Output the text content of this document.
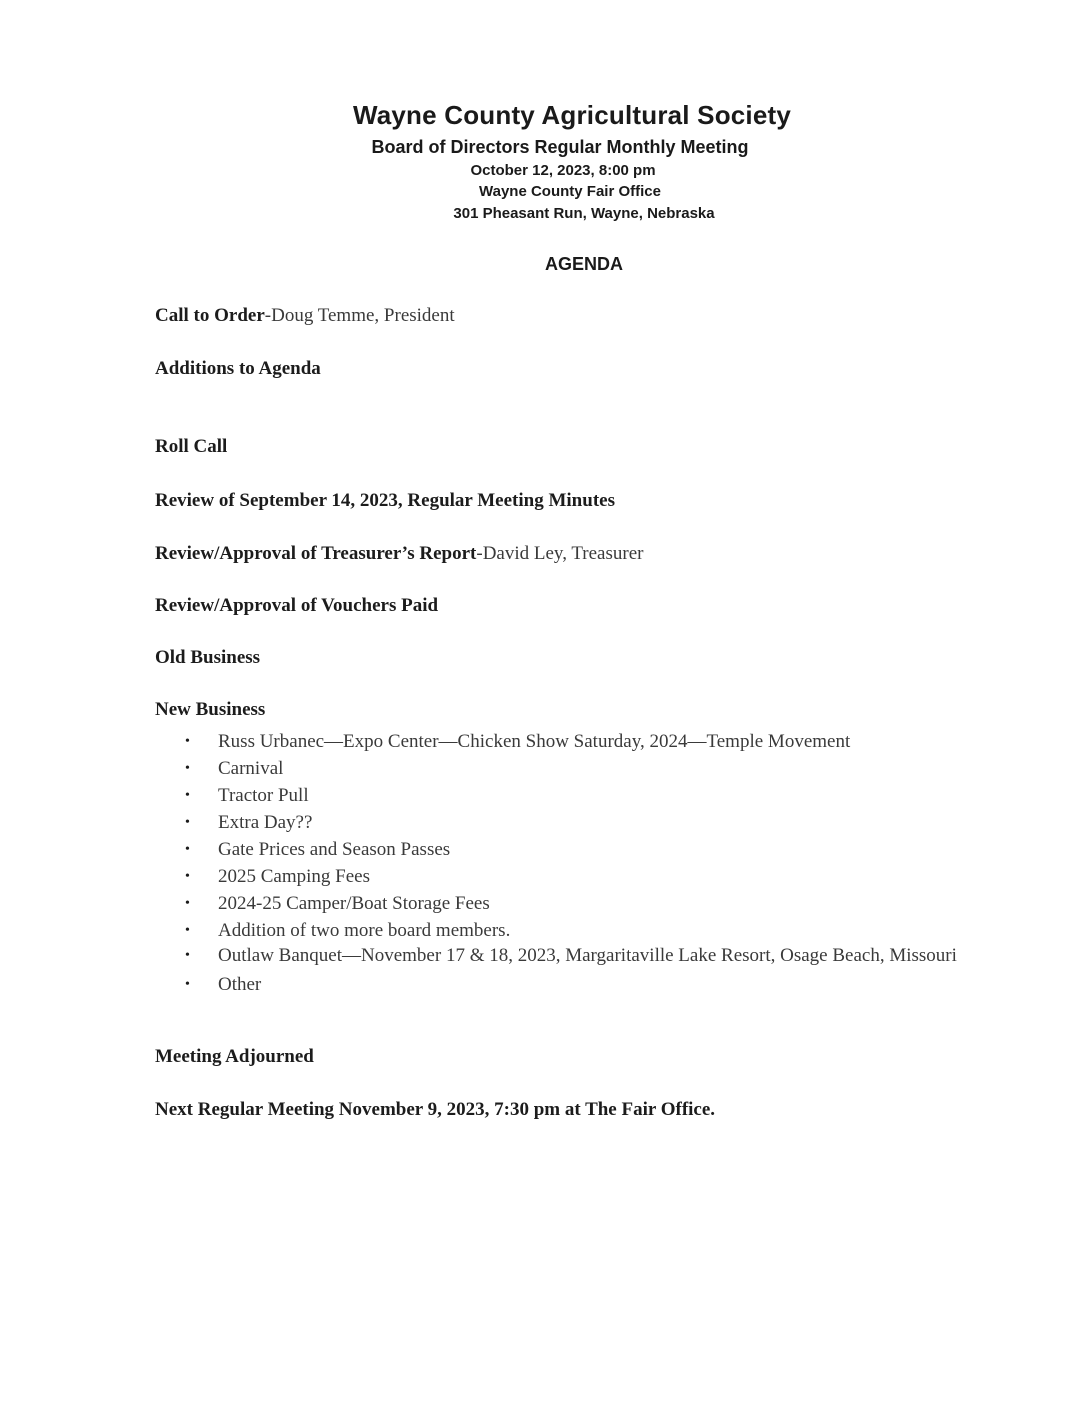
Wayne County Agricultural Society
Board of Directors Regular Monthly Meeting
October 12, 2023, 8:00 pm
Wayne County Fair Office
301 Pheasant Run, Wayne, Nebraska
AGENDA
Call to Order-Doug Temme, President
Additions to Agenda
Roll Call
Review of September 14, 2023, Regular Meeting Minutes
Review/Approval of Treasurer’s Report-David Ley, Treasurer
Review/Approval of Vouchers Paid
Old Business
New Business
• Russ Urbanec—Expo Center—Chicken Show Saturday, 2024—Temple Movement
• Carnival
• Tractor Pull
• Extra Day??
• Gate Prices and Season Passes
• 2025 Camping Fees
• 2024-25 Camper/Boat Storage Fees
• Addition of two more board members.
• Outlaw Banquet—November 17 & 18, 2023, Margaritaville Lake Resort, Osage Beach, Missouri
• Other
Meeting Adjourned
Next Regular Meeting November 9, 2023, 7:30 pm at The Fair Office.
